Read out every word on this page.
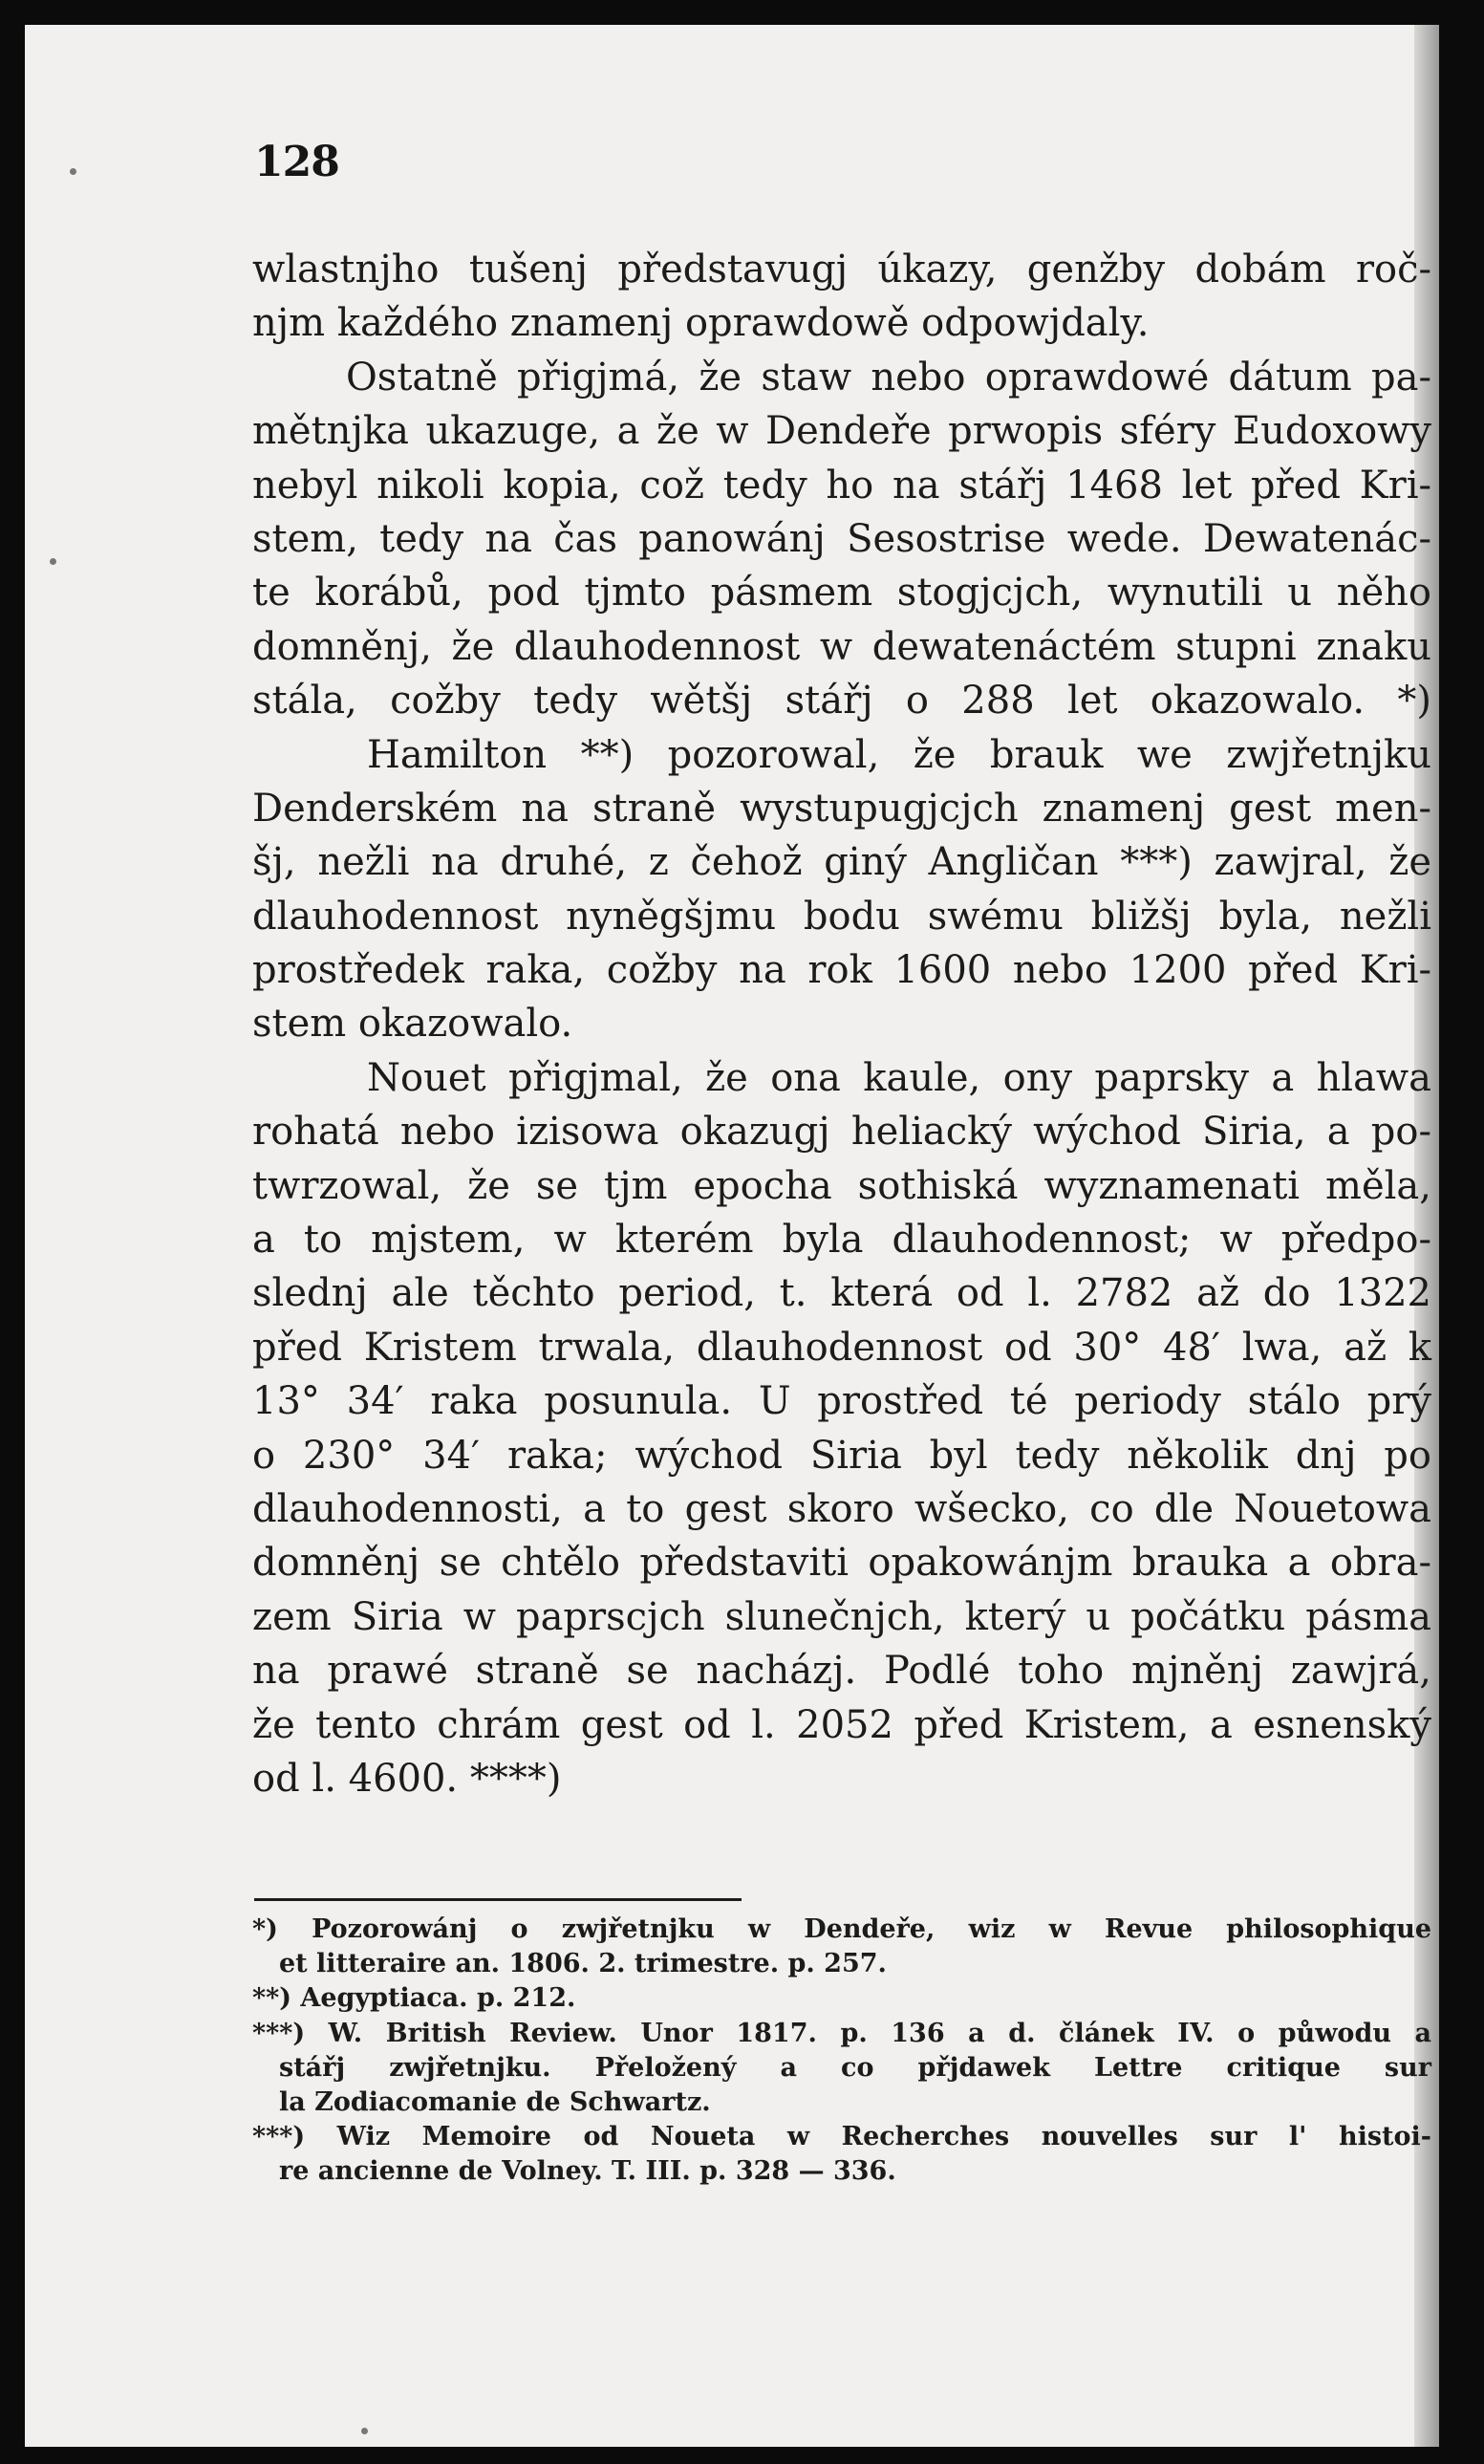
128
wlastnjho tušenj představugj úkazy, genžby dobám roč-
njm každého znamenj oprawdowě odpowjdaly.
Ostatně přigjmá, že staw nebo oprawdowé dátum pa-
mětnjka ukazuge, a že w Dendeře prwopis sféry Eudoxowy
nebyl nikoli kopia, což tedy ho na stářj 1468 let před Kri-
stem, tedy na čas panowánj Sesostrise wede. Dewatenác-
te korábů, pod tjmto pásmem stogjcjch, wynutili u něho
domněnj, že dlauhodennost w dewatenáctém stupni znaku
stála, cožby tedy wětšj stářj o 288 let okazowalo. *)
Hamilton **) pozorowal, že brauk we zwjřetnjku
Denderském na straně wystupugjcjch znamenj gest men-
šj, nežli na druhé, z čehož giný Angličan ***) zawjral, že
dlauhodennost nyněgšjmu bodu swému bližšj byla, nežli
prostředek raka, cožby na rok 1600 nebo 1200 před Kri-
stem okazowalo.
Nouet přigjmal, že ona kaule, ony paprsky a hlawa
rohatá nebo izisowa okazugj heliacký wýchod Siria, a po-
twrzowal, že se tjm epocha sothiská wyznamenati měla,
a to mjstem, w kterém byla dlauhodennost; w předpo-
slednj ale těchto period, t. která od l. 2782 až do 1322
před Kristem trwala, dlauhodennost od 30° 48′ lwa, až k
13° 34′ raka posunula. U prostřed té periody stálo prý
o 230° 34′ raka; wýchod Siria byl tedy několik dnj po
dlauhodennosti, a to gest skoro wšecko, co dle Nouetowa
domněnj se chtělo představiti opakowánjm brauka a obra-
zem Siria w paprscjch slunečnjch, který u počátku pásma
na prawé straně se nacházj. Podlé toho mjněnj zawjrá,
že tento chrám gest od l. 2052 před Kristem, a esnenský
od l. 4600. ****)
*) Pozorowánj o zwjřetnjku w Dendeře, wiz w Revue philosophique
et litteraire an. 1806. 2. trimestre. p. 257.
**) Aegyptiaca. p. 212.
***) W. British Review. Unor 1817. p. 136 a d. článek IV. o půwodu a
stářj zwjřetnjku. Přeložený a co přjdawek Lettre critique sur
la Zodiacomanie de Schwartz.
***) Wiz Memoire od Noueta w Recherches nouvelles sur l' histoi-
re ancienne de Volney. T. III. p. 328 — 336.
